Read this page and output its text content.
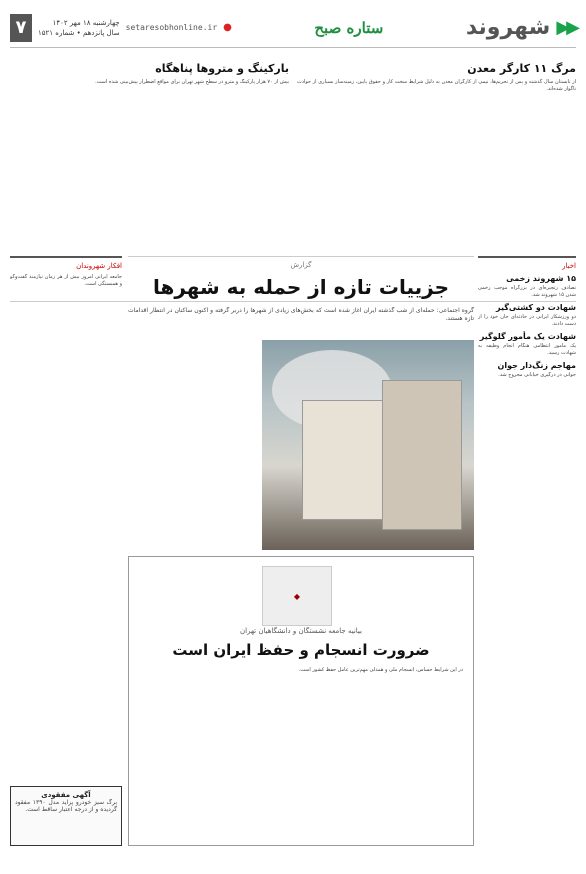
▶▶
شهروند
ستاره صبح
●
setaresobhonline.ir
چهارشنبه ۱۸ مهر ۱۴۰۲
سال پانزدهم • شماره ۱۵۲۱
۷
مرگ ۱۱ کارگر معدن
از تابستان سال گذشته و پس از تحریم‌ها، نیمی از کارگران معدن به دلیل شرایط سخت کار و حقوق پایین، زمینه‌ساز بسیاری از حوادث ناگوار شده‌اند.
بارکینگ و متروها پناهگاه
بیش از ۷۰ هزار پارکینگ و مترو در سطح شهر تهران برای مواقع اضطرار پیش‌بینی شده است.
اخبار
۱۵ شهروند زخمی
تصادف زنجیره‌ای در بزرگراه موجب زخمی شدن ۱۵ شهروند شد.
شهادت دو کشتی‌گیر
دو ورزشکار ایرانی در حادثه‌ای جان خود را از دست دادند.
شهادت یک مأمور گلوگیر
یک مأمور انتظامی هنگام انجام وظیفه به شهادت رسید.
مهاجم زنگ‌دار جوان
جوانی در درگیری خیابانی مجروح شد.
گزارش
جزییات تازه از حمله به شهرها
گروه اجتماعی: حمله‌ای از شب گذشته ایران آغاز شده است که بخش‌های زیادی از شهرها را دربر گرفته و اکنون ساکنان در انتظار اقدامات تازه هستند.
بیانیه جامعه نشستگان و دانشگاهیان تهران
ضرورت انسجام و حفظ ایران است
در این شرایط حساس، انسجام ملی و همدلی مهم‌ترین عامل حفظ کشور است.
◆
افکار شهروندان
جامعه ایرانی امروز بیش از هر زمان نیازمند گفت‌وگو و همبستگی است.
آگهی مفقودی
برگ سبز خودرو پراید مدل ۱۳۹۰ مفقود گردیده و از درجه اعتبار ساقط است.
